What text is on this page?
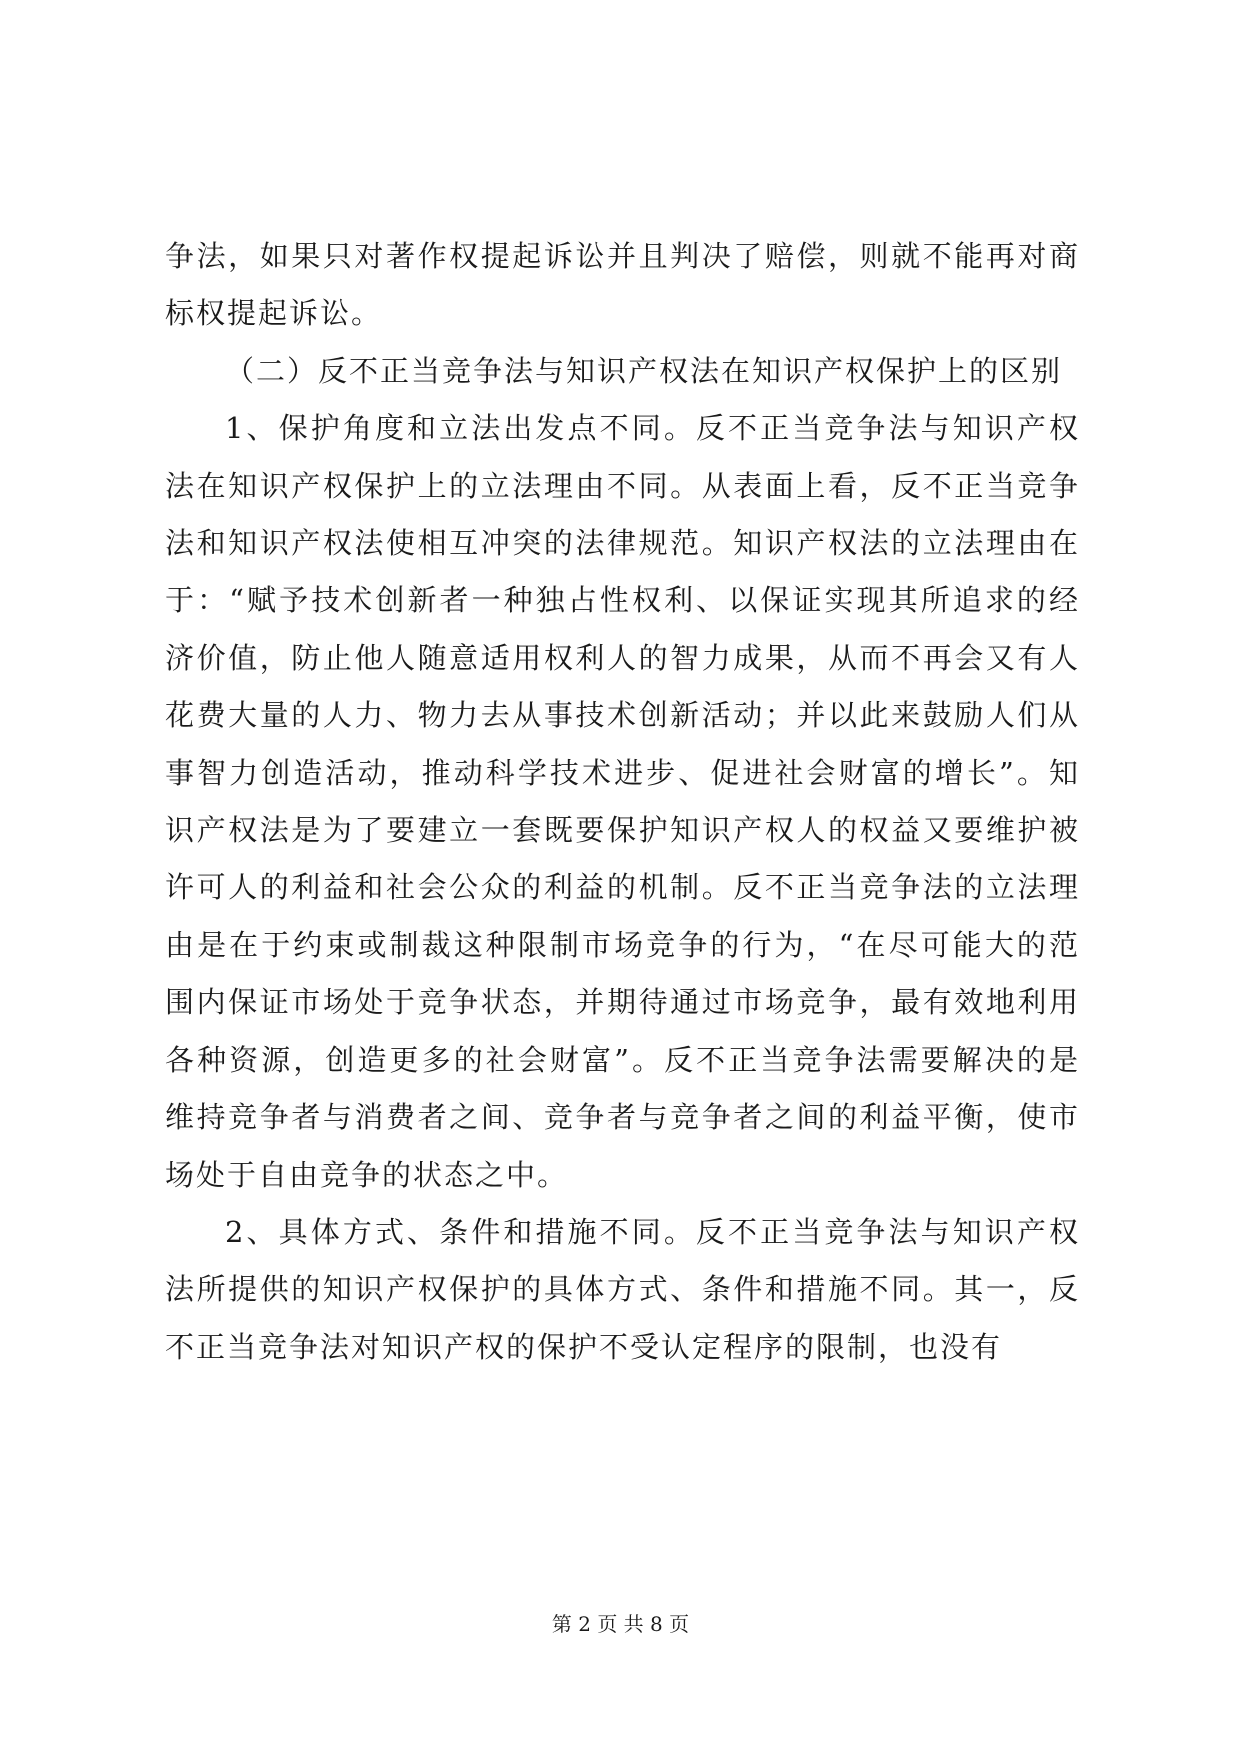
争法，如果只对著作权提起诉讼并且判决了赔偿，则就不能再对商标权提起诉讼。

（二）反不正当竞争法与知识产权法在知识产权保护上的区别

1、保护角度和立法出发点不同。反不正当竞争法与知识产权法在知识产权保护上的立法理由不同。从表面上看，反不正当竞争法和知识产权法使相互冲突的法律规范。知识产权法的立法理由在于：“赋予技术创新者一种独占性权利、以保证实现其所追求的经济价值，防止他人随意适用权利人的智力成果，从而不再会又有人花费大量的人力、物力去从事技术创新活动；并以此来鼓励人们从事智力创造活动，推动科学技术进步、促进社会财富的增长”。知识产权法是为了要建立一套既要保护知识产权人的权益又要维护被许可人的利益和社会公众的利益的机制。反不正当竞争法的立法理由是在于约束或制裁这种限制市场竞争的行为，“在尽可能大的范围内保证市场处于竞争状态，并期待通过市场竞争，最有效地利用各种资源，创造更多的社会财富”。反不正当竞争法需要解决的是维持竞争者与消费者之间、竞争者与竞争者之间的利益平衡，使市场处于自由竞争的状态之中。

2、具体方式、条件和措施不同。反不正当竞争法与知识产权法所提供的知识产权保护的具体方式、条件和措施不同。其一，反不正当竞争法对知识产权的保护不受认定程序的限制，也没有

第 2 页 共 8 页
